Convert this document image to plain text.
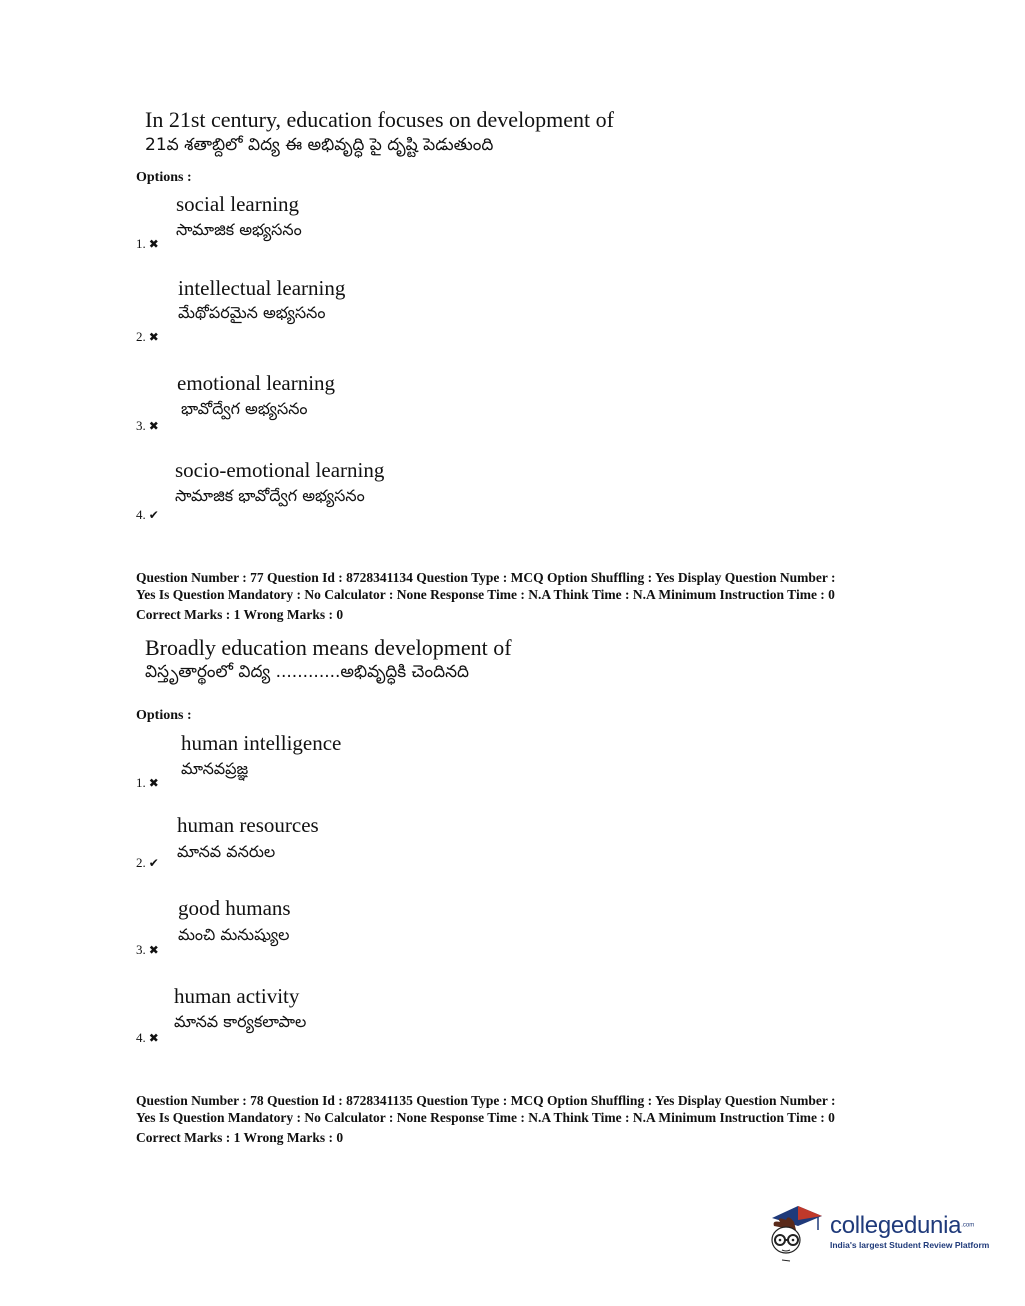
In 21st century, education focuses on development of
21వ శతాబ్దిలో విద్య ఈ అభివృద్ధి పై దృష్టి పెడుతుంది
Options :
social learning
సామాజిక అభ్యసనం
1. ✖
intellectual learning
మేథోపరమైన అభ్యసనం
2. ✖
emotional learning
భావోద్వేగ అభ్యసనం
3. ✖
socio-emotional learning
సామాజిక భావోద్వేగ అభ్యసనం
4. ✔
Question Number : 77 Question Id : 8728341134 Question Type : MCQ Option Shuffling : Yes Display Question Number :
Yes Is Question Mandatory : No Calculator : None Response Time : N.A Think Time : N.A Minimum Instruction Time : 0
Correct Marks : 1 Wrong Marks : 0
Broadly education means development of
విస్తృతార్థంలో విద్య ............అభివృద్ధికి చెందినది
Options :
human intelligence
మానవప్రజ్ఞ
1. ✖
human resources
మానవ వనరుల
2. ✔
good humans
మంచి మనుష్యుల
3. ✖
human activity
మానవ కార్యకలాపాల
4. ✖
Question Number : 78 Question Id : 8728341135 Question Type : MCQ Option Shuffling : Yes Display Question Number :
Yes Is Question Mandatory : No Calculator : None Response Time : N.A Think Time : N.A Minimum Instruction Time : 0
Correct Marks : 1 Wrong Marks : 0
collegedunia$^{.com}$
India's largest Student Review Platform
